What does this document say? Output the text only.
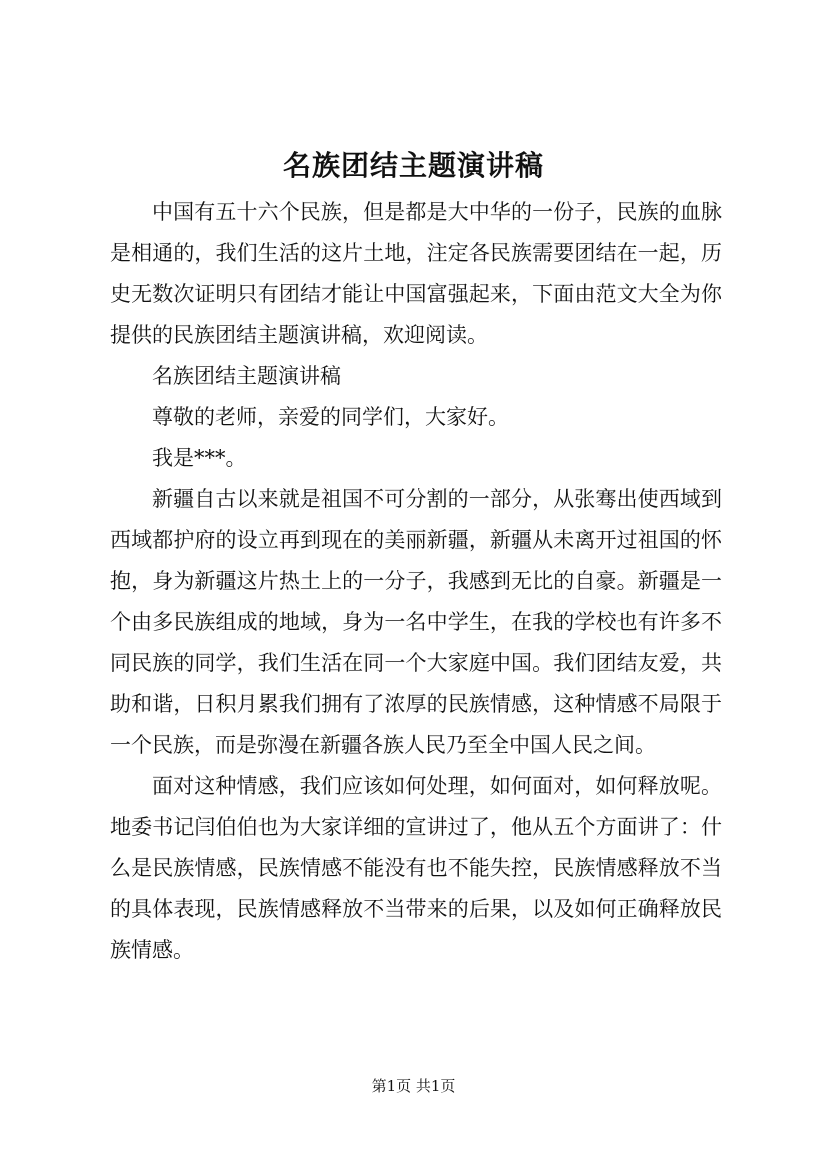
名族团结主题演讲稿

中国有五十六个民族，但是都是大中华的一份子，民族的血脉是相通的，我们生活的这片土地，注定各民族需要团结在一起，历史无数次证明只有团结才能让中国富强起来，下面由范文大全为你提供的民族团结主题演讲稿，欢迎阅读。

名族团结主题演讲稿

尊敬的老师，亲爱的同学们，大家好。

我是***。

新疆自古以来就是祖国不可分割的一部分，从张骞出使西域到西域都护府的设立再到现在的美丽新疆，新疆从未离开过祖国的怀抱，身为新疆这片热土上的一分子，我感到无比的自豪。新疆是一个由多民族组成的地域，身为一名中学生，在我的学校也有许多不同民族的同学，我们生活在同一个大家庭中国。我们团结友爱，共助和谐，日积月累我们拥有了浓厚的民族情感，这种情感不局限于一个民族，而是弥漫在新疆各族人民乃至全中国人民之间。

面对这种情感，我们应该如何处理，如何面对，如何释放呢。地委书记闫伯伯也为大家详细的宣讲过了，他从五个方面讲了：什么是民族情感，民族情感不能没有也不能失控，民族情感释放不当的具体表现，民族情感释放不当带来的后果，以及如何正确释放民族情感。

第1页 共1页
